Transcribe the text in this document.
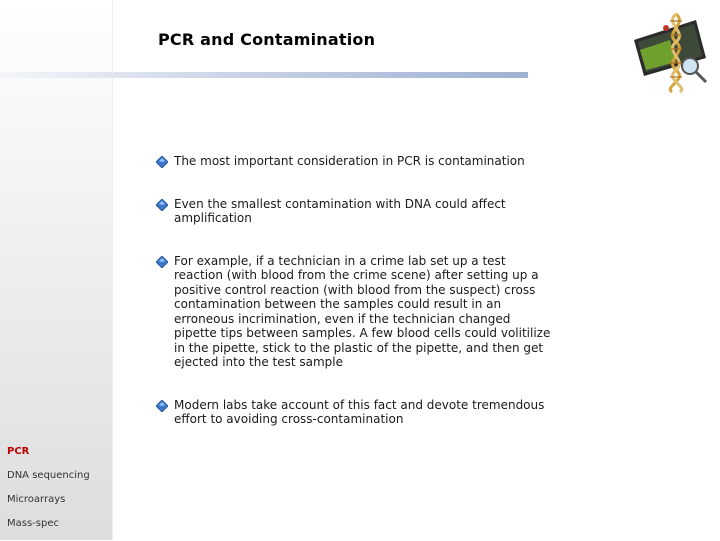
PCR and Contamination
The most important consideration in PCR is contamination
Even the smallest contamination with DNA could affect amplification
For example, if a technician in a crime lab set up a test reaction (with blood from the crime scene) after setting up a positive control reaction (with blood from the suspect) cross contamination between the samples could result in an erroneous incrimination, even if the technician changed pipette tips between samples. A few blood cells could volitilize in the pipette, stick to the plastic of the pipette, and then get ejected into the test sample
Modern labs take account of this fact and devote tremendous effort to avoiding cross-contamination
PCR
DNA sequencing
Microarrays
Mass-spec
